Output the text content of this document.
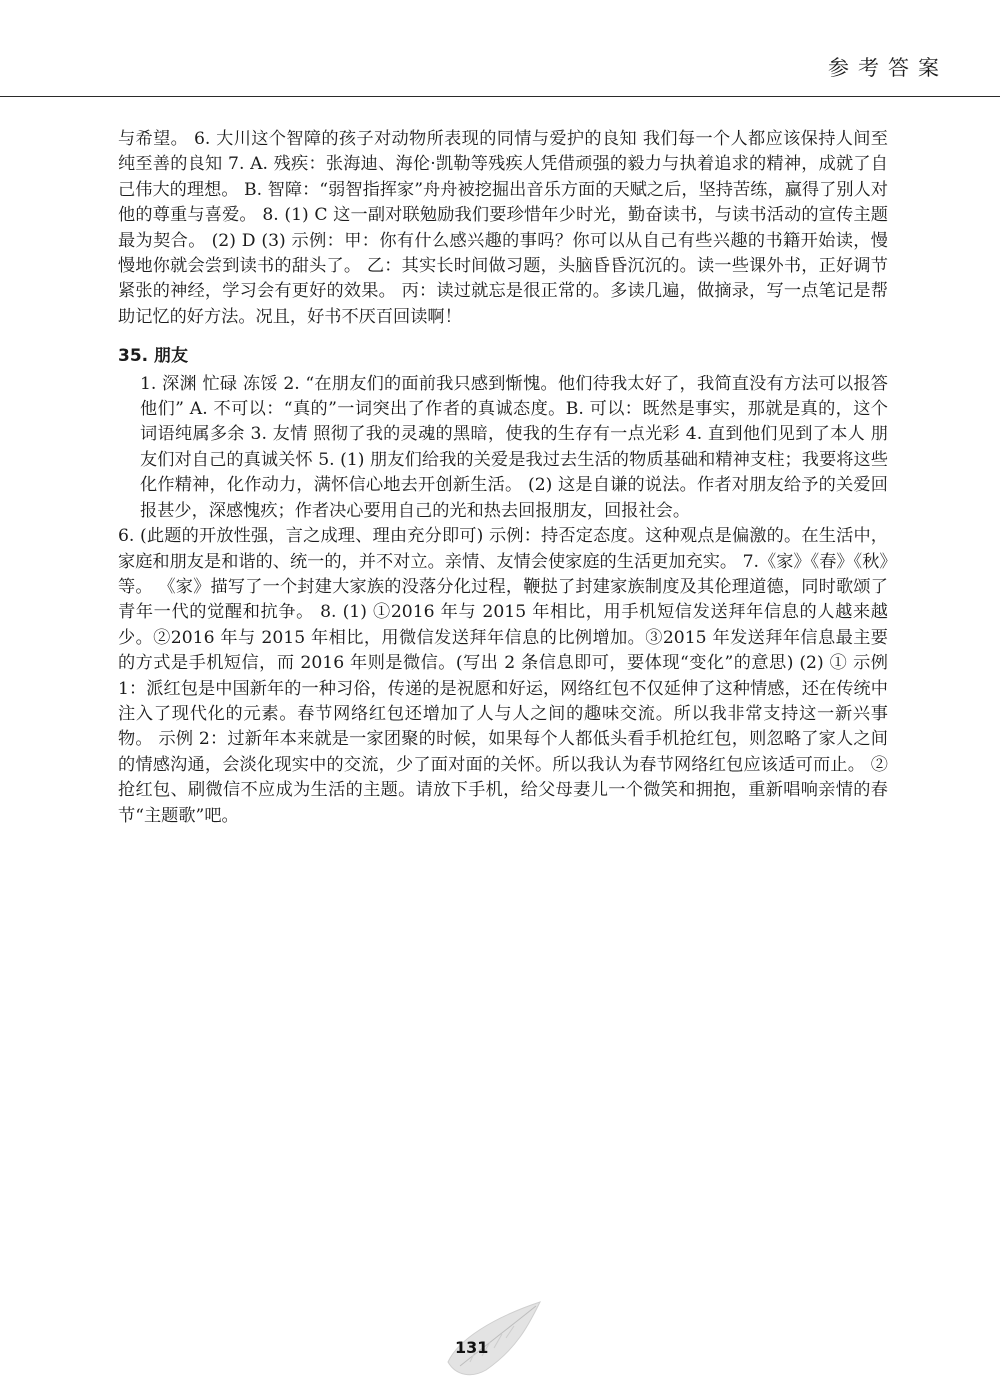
参考答案

与希望。 6. 大川这个智障的孩子对动物所表现的同情与爱护的良知 我们每一个人都应该保持人间至纯至善的良知 7. A. 残疾：张海迪、海伦·凯勒等残疾人凭借顽强的毅力与执着追求的精神，成就了自己伟大的理想。 B. 智障：“弱智指挥家”舟舟被挖掘出音乐方面的天赋之后，坚持苦练，赢得了别人对他的尊重与喜爱。 8. (1) C 这一副对联勉励我们要珍惜年少时光，勤奋读书，与读书活动的宣传主题最为契合。 (2) D (3) 示例：甲：你有什么感兴趣的事吗？你可以从自己有些兴趣的书籍开始读，慢慢地你就会尝到读书的甜头了。 乙：其实长时间做习题，头脑昏昏沉沉的。读一些课外书，正好调节紧张的神经，学习会有更好的效果。 丙：读过就忘是很正常的。多读几遍，做摘录，写一点笔记是帮助记忆的好方法。况且，好书不厌百回读啊！

35. 朋友

1. 深渊 忙碌 冻馁 2. “在朋友们的面前我只感到惭愧。他们待我太好了，我简直没有方法可以报答他们” A. 不可以：“真的”一词突出了作者的真诚态度。B. 可以：既然是事实，那就是真的，这个词语纯属多余 3. 友情 照彻了我的灵魂的黑暗，使我的生存有一点光彩 4. 直到他们见到了本人 朋友们对自己的真诚关怀 5. (1) 朋友们给我的关爱是我过去生活的物质基础和精神支柱；我要将这些化作精神，化作动力，满怀信心地去开创新生活。 (2) 这是自谦的说法。作者对朋友给予的关爱回报甚少，深感愧疚；作者决心要用自己的光和热去回报朋友，回报社会。

6. (此题的开放性强，言之成理、理由充分即可) 示例：持否定态度。这种观点是偏激的。在生活中，家庭和朋友是和谐的、统一的，并不对立。亲情、友情会使家庭的生活更加充实。 7.《家》《春》《秋》等。 《家》描写了一个封建大家族的没落分化过程，鞭挞了封建家族制度及其伦理道德，同时歌颂了青年一代的觉醒和抗争。 8. (1) ①2016 年与 2015 年相比，用手机短信发送拜年信息的人越来越少。②2016 年与 2015 年相比，用微信发送拜年信息的比例增加。③2015 年发送拜年信息最主要的方式是手机短信，而 2016 年则是微信。(写出 2 条信息即可，要体现“变化”的意思) (2) ① 示例 1：派红包是中国新年的一种习俗，传递的是祝愿和好运，网络红包不仅延伸了这种情感，还在传统中注入了现代化的元素。春节网络红包还增加了人与人之间的趣味交流。所以我非常支持这一新兴事物。 示例 2：过新年本来就是一家团聚的时候，如果每个人都低头看手机抢红包，则忽略了家人之间的情感沟通，会淡化现实中的交流，少了面对面的关怀。所以我认为春节网络红包应该适可而止。 ② 抢红包、刷微信不应成为生活的主题。请放下手机，给父母妻儿一个微笑和拥抱，重新唱响亲情的春节“主题歌”吧。

131
